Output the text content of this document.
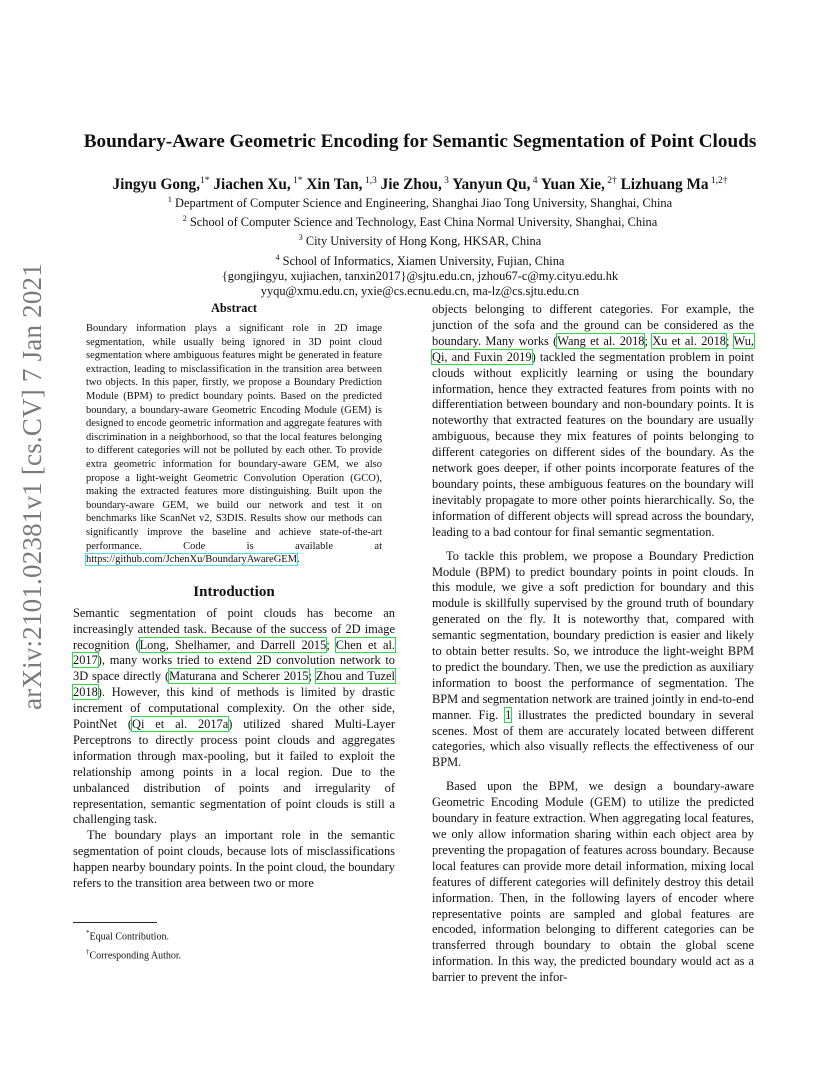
arXiv:2101.02381v1 [cs.CV] 7 Jan 2021
Boundary-Aware Geometric Encoding for Semantic Segmentation of Point Clouds
Jingyu Gong,$^{1*}$ Jiachen Xu, $^{1*}$ Xin Tan, $^{1,3}$ Jie Zhou, $^3$ Yanyun Qu, $^4$ Yuan Xie, $^{2\dagger}$ Lizhuang Ma $^{1,2\dagger}$
$^1$ Department of Computer Science and Engineering, Shanghai Jiao Tong University, Shanghai, China
$^2$ School of Computer Science and Technology, East China Normal University, Shanghai, China
$^3$ City University of Hong Kong, HKSAR, China
$^4$ School of Informatics, Xiamen University, Fujian, China
{gongjingyu, xujiachen, tanxin2017}@sjtu.edu.cn, jzhou67-c@my.cityu.edu.hk
yyqu@xmu.edu.cn, yxie@cs.ecnu.edu.cn, ma-lz@cs.sjtu.edu.cn
Abstract

Boundary information plays a significant role in 2D image segmentation, while usually being ignored in 3D point cloud segmentation where ambiguous features might be generated in feature extraction, leading to misclassification in the transition area between two objects. In this paper, firstly, we propose a Boundary Prediction Module (BPM) to predict boundary points. Based on the predicted boundary, a boundary-aware Geometric Encoding Module (GEM) is designed to encode geometric information and aggregate features with discrimination in a neighborhood, so that the local features belonging to different categories will not be polluted by each other. To provide extra geometric information for boundary-aware GEM, we also propose a light-weight Geometric Convolution Operation (GCO), making the extracted features more distinguishing. Built upon the boundary-aware GEM, we build our network and test it on benchmarks like ScanNet v2, S3DIS. Results show our methods can significantly improve the baseline and achieve state-of-the-art performance. Code is available at https://github.com/JchenXu/BoundaryAwareGEM.

Introduction

Semantic segmentation of point clouds has become an increasingly attended task. Because of the success of 2D image recognition (Long, Shelhamer, and Darrell 2015; Chen et al. 2017), many works tried to extend 2D convolution network to 3D space directly (Maturana and Scherer 2015; Zhou and Tuzel 2018). However, this kind of methods is limited by drastic increment of computational complexity. On the other side, PointNet (Qi et al. 2017a) utilized shared Multi-Layer Perceptrons to directly process point clouds and aggregates information through max-pooling, but it failed to exploit the relationship among points in a local region. Due to the unbalanced distribution of points and irregularity of representation, semantic segmentation of point clouds is still a challenging task.

The boundary plays an important role in the semantic segmentation of point clouds, because lots of misclassifications happen nearby boundary points. In the point cloud, the boundary refers to the transition area between two or more

objects belonging to different categories. For example, the junction of the sofa and the ground can be considered as the boundary. Many works (Wang et al. 2018; Xu et al. 2018; Wu, Qi, and Fuxin 2019) tackled the segmentation problem in point clouds without explicitly learning or using the boundary information, hence they extracted features from points with no differentiation between boundary and non-boundary points. It is noteworthy that extracted features on the boundary are usually ambiguous, because they mix features of points belonging to different categories on different sides of the boundary. As the network goes deeper, if other points incorporate features of the boundary points, these ambiguous features on the boundary will inevitably propagate to more other points hierarchically. So, the information of different objects will spread across the boundary, leading to a bad contour for final semantic segmentation.

To tackle this problem, we propose a Boundary Prediction Module (BPM) to predict boundary points in point clouds. In this module, we give a soft prediction for boundary and this module is skillfully supervised by the ground truth of boundary generated on the fly. It is noteworthy that, compared with semantic segmentation, boundary prediction is easier and likely to obtain better results. So, we introduce the light-weight BPM to predict the boundary. Then, we use the prediction as auxiliary information to boost the performance of segmentation. The BPM and segmentation network are trained jointly in end-to-end manner. Fig. 1 illustrates the predicted boundary in several scenes. Most of them are accurately located between different categories, which also visually reflects the effectiveness of our BPM.

Based upon the BPM, we design a boundary-aware Geometric Encoding Module (GEM) to utilize the predicted boundary in feature extraction. When aggregating local features, we only allow information sharing within each object area by preventing the propagation of features across boundary. Because local features can provide more detail information, mixing local features of different categories will definitely destroy this detail information. Then, in the following layers of encoder where representative points are sampled and global features are encoded, information belonging to different categories can be transferred through boundary to obtain the global scene information. In this way, the predicted boundary would act as a barrier to prevent the infor-

*Equal Contribution.
†Corresponding Author.
